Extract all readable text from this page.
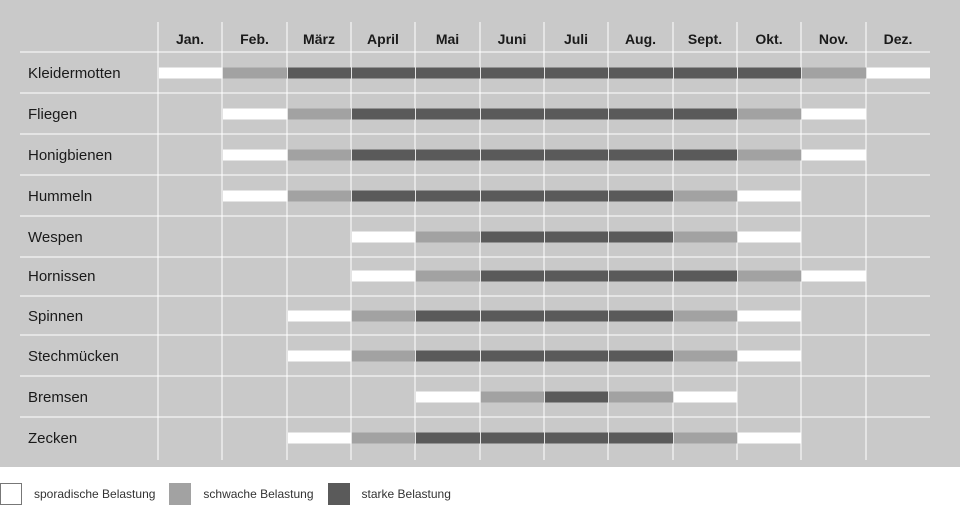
Jan.	Feb. März April	Mai	Juni	Juli	Aug. Sept. Okt.	Nov.	Dez.
Kleidermotten
Fliegen
Honigbienen
Hummeln
Wespen
Hornissen
Spinnen
Stechmücken
Bremsen
Zecken
sporadische Belastung	schwache Belastung	starke Belastung
